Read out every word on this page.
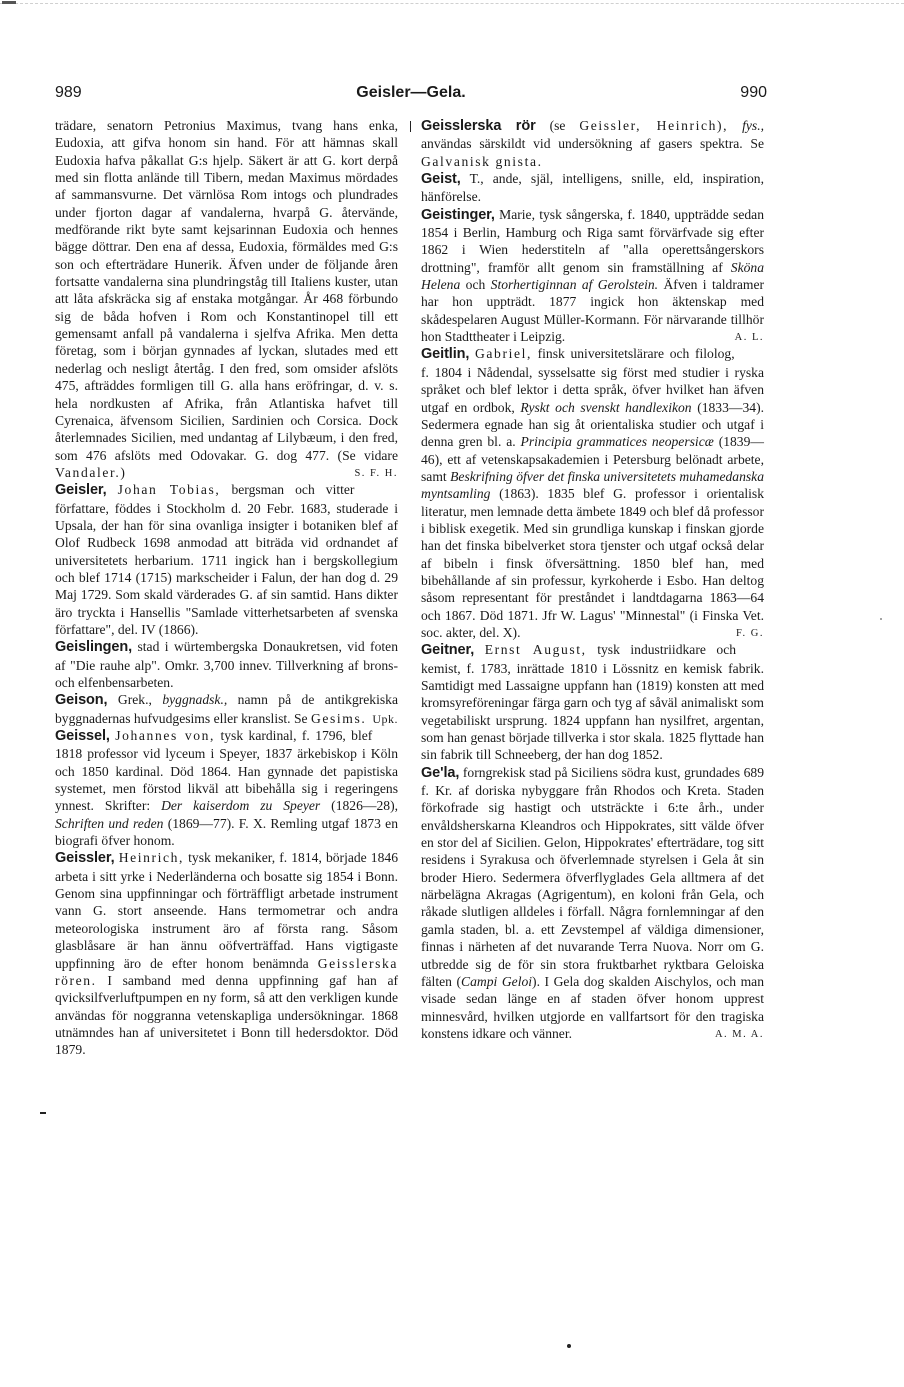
989	Geisler—Gela.	990

trädare, senatorn Petronius Maximus, tvang hans enka, Eudoxia, att gifva honom sin hand. För att hämnas skall Eudoxia hafva påkallat G:s hjelp. Säkert är att G. kort derpå med sin flotta anlände till Tibern, medan Maximus mördades af sammansvurne. Det värnlösa Rom intogs och plundrades under fjorton dagar af vandalerna, hvarpå G. återvände, medförande rikt byte samt kejsarinnan Eudoxia och hennes bägge döttrar. Den ena af dessa, Eudoxia, förmäldes med G:s son och efterträdare Hunerik. Äfven under de följande åren fortsatte vandalerna sina plundringståg till Italiens kuster, utan att låta afskräcka sig af enstaka motgångar. År 468 förbundo sig de båda hofven i Rom och Konstantinopel till ett gemensamt anfall på vandalerna i sjelfva Afrika. Men detta företag, som i början gynnades af lyckan, slutades med ett nederlag och nesligt återtåg. I den fred, som omsider afslöts 475, afträddes formligen till G. alla hans eröfringar, d. v. s. hela nordkusten af Afrika, från Atlantiska hafvet till Cyrenaica, äfvensom Sicilien, Sardinien och Corsica. Dock återlemnades Sicilien, med undantag af Lilybæum, i den fred, som 476 afslöts med Odovakar. G. dog 477. (Se vidare Vandaler.)	S. F. H.

Geisler, Johan Tobias, bergsman och vitter författare, föddes i Stockholm d. 20 Febr. 1683, studerade i Upsala, der han för sina ovanliga insigter i botaniken blef af Olof Rudbeck 1698 anmodad att biträda vid ordnandet af universitetets herbarium. 1711 ingick han i bergskollegium och blef 1714 (1715) markscheider i Falun, der han dog d. 29 Maj 1729. Som skald värderades G. af sin samtid. Hans dikter äro tryckta i Hansellis "Samlade vitterhetsarbeten af svenska författare", del. IV (1866).

Geislingen, stad i würtembergska Donaukretsen, vid foten af "Die rauhe alp". Omkr. 3,700 innev. Tillverkning af brons- och elfenbensarbeten.

Geison, Grek., byggnadsk., namn på de antikgrekiska byggnadernas hufvudgesims eller kranslist. Se Gesims. Upk.

Geissel, Johannes von, tysk kardinal, f. 1796, blef 1818 professor vid lyceum i Speyer, 1837 ärkebiskop i Köln och 1850 kardinal. Död 1864. Han gynnade det papistiska systemet, men förstod likväl att bibehålla sig i regeringens ynnest. Skrifter: Der kaiserdom zu Speyer (1826—28), Schriften und reden (1869—77). F. X. Remling utgaf 1873 en biografi öfver honom.

Geissler, Heinrich, tysk mekaniker, f. 1814, började 1846 arbeta i sitt yrke i Nederländerna och bosatte sig 1854 i Bonn. Genom sina uppfinningar och förträffligt arbetade instrument vann G. stort anseende. Hans termometrar och andra meteorologiska instrument äro af första rang. Såsom glasblåsare är han ännu oöfverträffad. Hans vigtigaste uppfinning äro de efter honom benämnda Geisslerska rören. I samband med denna uppfinning gaf han af qvicksilfverluftpumpen en ny form, så att den verkligen kunde användas för noggranna vetenskapliga undersökningar. 1868 utnämndes han af universitetet i Bonn till hedersdoktor. Död 1879.

Geisslerska rör (se Geissler, Heinrich), fys., användas särskildt vid undersökning af gasers spektra. Se Galvanisk gnista.

Geist, T., ande, själ, intelligens, snille, eld, inspiration, hänförelse.

Geistinger, Marie, tysk sångerska, f. 1840, uppträdde sedan 1854 i Berlin, Hamburg och Riga samt förvärfvade sig efter 1862 i Wien hederstiteln af "alla operettsångerskors drottning", framför allt genom sin framställning af Sköna Helena och Storhertiginnan af Gerolstein. Äfven i taldramer har hon uppträdt. 1877 ingick hon äktenskap med skådespelaren August Müller-Kormann. För närvarande tillhör hon Stadttheater i Leipzig.	A. L.

Geitlin, Gabriel, finsk universitetslärare och filolog, f. 1804 i Nådendal, sysselsatte sig först med studier i ryska språket och blef lektor i detta språk, öfver hvilket han äfven utgaf en ordbok, Ryskt och svenskt handlexikon (1833—34). Sedermera egnade han sig åt orientaliska studier och utgaf i denna gren bl. a. Principia grammatices neopersicæ (1839—46), ett af vetenskapsakademien i Petersburg belönadt arbete, samt Beskrifning öfver det finska universitetets muhamedanska myntsamling (1863). 1835 blef G. professor i orientalisk literatur, men lemnade detta ämbete 1849 och blef då professor i biblisk exegetik. Med sin grundliga kunskap i finskan gjorde han det finska bibelverket stora tjenster och utgaf också delar af bibeln i finsk öfversättning. 1850 blef han, med bibehållande af sin professur, kyrkoherde i Esbo. Han deltog såsom representant för preståndet i landtdagarna 1863—64 och 1867. Död 1871. Jfr W. Lagus' "Minnestal" (i Finska Vet. soc. akter, del. X).	F. G.

Geitner, Ernst August, tysk industriidkare och kemist, f. 1783, inrättade 1810 i Lössnitz en kemisk fabrik. Samtidigt med Lassaigne uppfann han (1819) konsten att med kromsyreföreningar färga garn och tyg af såväl animaliskt som vegetabiliskt ursprung. 1824 uppfann han nysilfret, argentan, som han genast började tillverka i stor skala. 1825 flyttade han sin fabrik till Schneeberg, der han dog 1852.

Ge'la, forngrekisk stad på Siciliens södra kust, grundades 689 f. Kr. af doriska nybyggare från Rhodos och Kreta. Staden förkofrade sig hastigt och utsträckte i 6:te årh., under envåldsherskarna Kleandros och Hippokrates, sitt välde öfver en stor del af Sicilien. Gelon, Hippokrates' efterträdare, tog sitt residens i Syrakusa och öfverlemnade styrelsen i Gela åt sin broder Hiero. Sedermera öfverflyglades Gela alltmera af det närbelägna Akragas (Agrigentum), en koloni från Gela, och råkade slutligen alldeles i förfall. Några fornlemningar af den gamla staden, bl. a. ett Zevstempel af väldiga dimensioner, finnas i närheten af det nuvarande Terra Nuova. Norr om G. utbredde sig de för sin stora fruktbarhet ryktbara Geloiska fälten (Campi Geloi). I Gela dog skalden Aischylos, och man visade sedan länge en af staden öfver honom upprest minnesvård, hvilken utgjorde en vallfartsort för den tragiska konstens idkare och vänner.	A. M. A.
